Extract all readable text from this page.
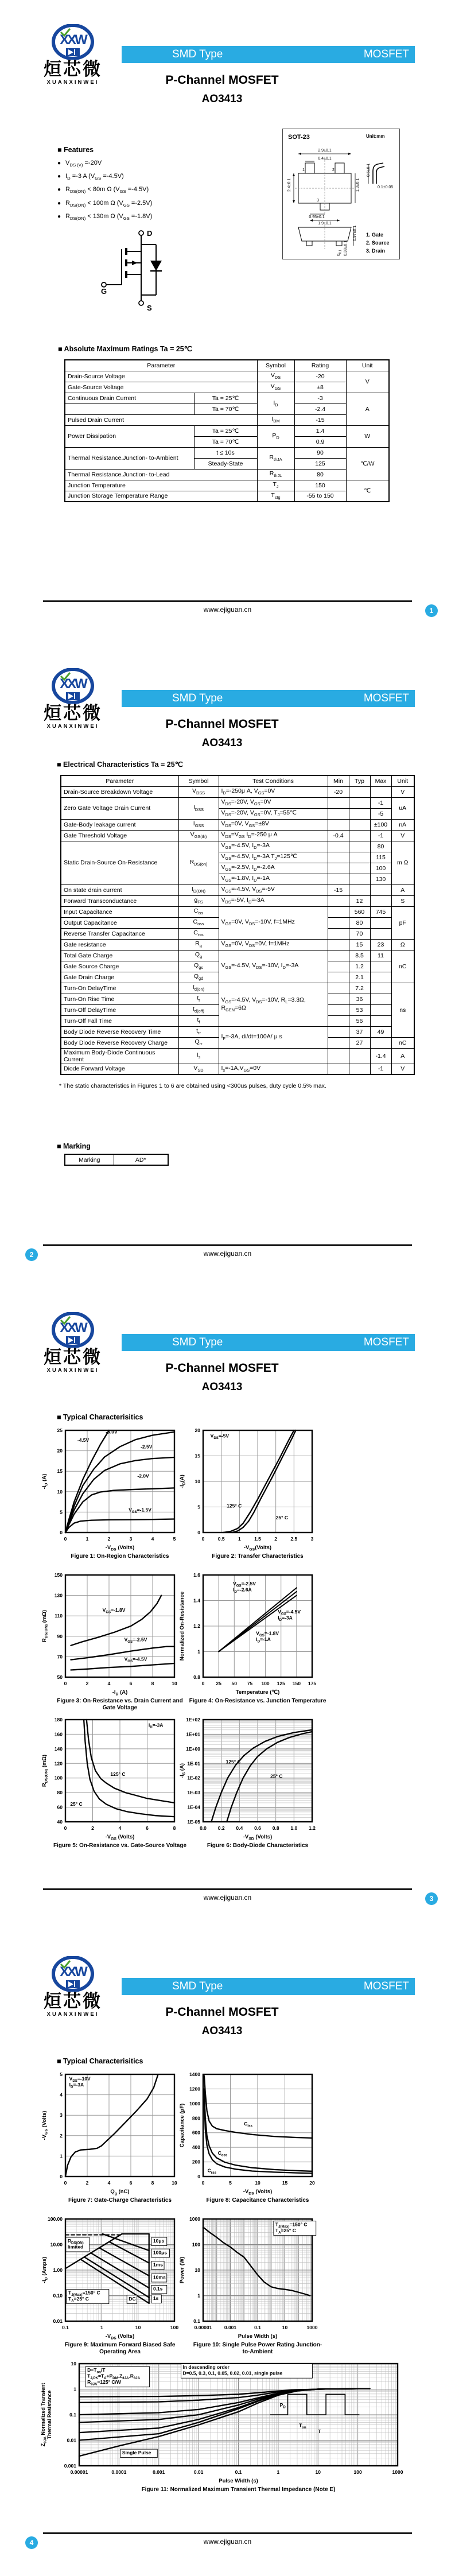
XXW
烜芯微
XUANXINWEI
SMD Type	MOSFET
P-Channel MOSFET
AO3413
■ Features
● $V_{DS (V)} =-20V$
● $I_D =-3$ A $(V_{GS} =-4.5V)$
● $R_{DS(ON)} < 80m$ Ω $(V_{GS} =-4.5V)$
● $R_{DS(ON)} < 100m$ Ω $(V_{GS} =-2.5V)$
● $R_{DS(ON)} < 130m$ Ω $(V_{GS} =-1.8V)$
D
G
S
SOT-23	Unit:mm
2.9±0.1
0.4±0.1
2.4±0.1	1.3±0.1
0.95±0.1
1.9±0.1
0.5±0.1
0.1±0.05
0.97±0.1
0.38±0.1
$0_{0.1}$
1. Gate
2. Source
3. Drain
1	2
3
■ Absolute Maximum Ratings Ta = 25℃
Parameter		Symbol	Rating	Unit
Drain-Source Voltage		$V_{DS}$	-20	V
Gate-Source Voltage		$V_{GS}$	±8	
Continuous Drain Current	Ta = 25℃	$I_D$	-3	A
	Ta = 70℃		-2.4	
Pulsed Drain Current		$I_{DM}$	-15	
Power Dissipation	Ta = 25℃	$P_D$	1.4	W
	Ta = 70℃		0.9	
Thermal Resistance.Junction- to-Ambient	t ≤ 10s	$R_{thJA}$	90	℃/W
	Steady-State		125	
Thermal Resistance.Junction- to-Lead		$R_{thJL}$	80	
Junction Temperature		$T_J$	150	℃
Junction Storage Temperature Range		$T_{stg}$	-55 to 150	
www.ejiguan.cn	1
XXW
烜芯微
XUANXINWEI
SMD Type	MOSFET
P-Channel MOSFET
AO3413
■ Electrical Characteristics Ta = 25℃
Parameter	Symbol	Test Conditions	Min	Typ	Max	Unit
Drain-Source Breakdown Voltage	$V_{DSS}$	$I_D=-250\mu$ A, $V_{GS}=0V$	-20			V
Zero Gate Voltage Drain Current	$I_{DSS}$	$V_{DS}=-20V$, $V_{GS}=0V$			-1	uA
		$V_{DS}=-20V$, $V_{GS}=0V$, $T_J=55℃$			-5	
Gate-Body leakage current	$I_{GSS}$	$V_{DS}=0V$, $V_{GS}=\pm 8V$			±100	nA
Gate Threshold Voltage	$V_{GS(th)}$	$V_{DS}=V_{GS}$ $I_D=-250$ μ A	-0.4		-1	V
Static Drain-Source On-Resistance	$R_{DS(on)}$	$V_{GS}=-4.5V$, $I_D=-3A$			80	m Ω
		$V_{GS}=-4.5V$, $I_D=-3A$ $T_J=125℃$			115	
		$V_{GS}=-2.5V$, $I_D=-2.6A$			100	
		$V_{GS}=-1.8V$, $I_D=-1A$			130	
On state drain current	$I_{D(ON)}$	$V_{GS}=-4.5V$, $V_{DS}=-5V$	-15			A
Forward Transconductance	$g_{FS}$	$V_{DS}=-5V$, $I_D=-3A$		12		S
Input Capacitance	$C_{iss}$	$V_{GS}=0V$, $V_{DS}=-10V$, f=1MHz		560	745	pF
Output Capacitance	$C_{oss}$			80		
Reverse Transfer Capacitance	$C_{rss}$			70		
Gate resistance	$R_g$	$V_{GS}=0V$, $V_{DS}=0V$, f=1MHz		15	23	Ω
Total Gate Charge	$Q_g$	$V_{GS}=-4.5V$, $V_{DS}=-10V$, $I_D=-3A$		8.5	11	nC
Gate Source Charge	$Q_{gs}$			1.2		
Gate Drain Charge	$Q_{gd}$			2.1		
Turn-On DelayTime	$t_{d(on)}$	$V_{GS}=-4.5V$, $V_{DS}=-10V$, $R_L=3.3\Omega$, $R_{GEN}=6\Omega$		7.2		ns
Turn-On Rise Time	$t_r$			36		
Turn-Off DelayTime	$t_{d(off)}$			53		
Turn-Off Fall Time	$t_f$			56		
Body Diode Reverse Recovery Time	$t_{rr}$	$I_F=-3A$, di/dt=100A/ μ s		37	49	
Body Diode Reverse Recovery Charge	$Q_{rr}$			27		nC
Maximum Body-Diode Continuous Current	$I_s$				-1.4	A
Diode Forward Voltage	$V_{SD}$	$I_s=-1A,V_{GS}=0V$			-1	V
* The static characteristics in Figures 1 to 6 are obtained using <300us pulses, duty cycle 0.5% max.
■ Marking
Marking	AD*
www.ejiguan.cn
2
XXW
烜芯微
XUANXINWEI
SMD Type	MOSFET
P-Channel MOSFET
AO3413
■ Typical Characterisitics
www.ejiguan.cn	3
0	1	2	3	4	5
0
5
10
15
20
25
$-V_{DS}$ (Volts)
$-I_D$ (A)
Figure 1: On-Region Characteristics
-4.5V
-3.0V
-2.5V
-2.0V
$V_{GS}=-1.5V$
0	0.5	1	1.5	2	2.5	3
0
5
10
15
20
$-V_{GS}(Volts)$
$-I_D(A)$
Figure 2: Transfer Characteristics
$V_{DS}=-5V$
125° C
25° C
0	2	4	6	8	10
50
70
90
110
130
150
$-I_D$ (A)
$R_{DS(ON)}$ (mΩ)
Figure 3: On-Resistance vs. Drain Current and
Gate Voltage
$V_{GS}=-1.8V$
$V_{GS}=-2.5V$
$V_{GS}=-4.5V$
0 25 50 75 100 125 150 175
0.8
1
1.2
1.4
1.6
Temperature (℃)
Normalized On-Resistance
Figure 4: On-Resistance vs. Junction Temperature
$V_{GS}=-2.5V$
$I_D=-2.6A$
$V_{GS}=-4.5V$
$I_D=-3A$
$V_{GS}=-1.8V$
$I_D=-1A$
0	2	4	6	8
40
60
80
100
120
140
160
180
$-V_{GS}$ (Volts)
$R_{DS(ON)}$ (mΩ)
Figure 5: On-Resistance vs. Gate-Source Voltage
125° C
25° C
$I_D=-3A$
0.0 0.2 0.4 0.6 0.8 1.0 1.2
1E+02
1E+01
1E+00
1E-01
1E-02
1E-03
1E-04
1E-05
$-V_{SD}$ (Volts)
$-I_S$ (A)
Figure 6: Body-Diode Characteristics
125° C
25° C
XXW
烜芯微
XUANXINWEI
SMD Type	MOSFET
P-Channel MOSFET
AO3413
■ Typical Characterisitics
www.ejiguan.cn
4
0	2	4	6	8	10
0
1
2
3
4
5
$Q_g$ (nC)
$-V_{GS}$ (Volts)
Figure 7: Gate-Charge Characteristics
$V_{DS}=-10V$
$I_D=-3A$
0	5	10	15	20
0
200
400
600
800
1000
1200
1400
$-V_{DS}$ (Volts)
Capacitance (pF)
Figure 8: Capacitance Characteristics
$C_{iss}$
$C_{oss}$
$C_{rss}$
0.1	1	10	100
0.01
0.10
1.00
10.00
100.00
$-V_{DS}$ (Volts)
$-I_D$ (Amps)
Figure 9: Maximum Forward Biased Safe
Operating Area
$R_{DS(ON)}$
limited
10μs
100μs
1ms
10ms
0.1s
1s
DC
$T_{J(Max)}=150^\circ$ C
$T_A=25^\circ$ C
0.00001	0.001	0.1	10	1000
0.1
1
10
100
1000
Pulse Width (s)
Power (W)
Figure 10: Single Pulse Power Rating Junction-
to-Ambient
$T_{J(Max)}=150^\circ$ C
$T_A=25^\circ$ C
0.00001	0.0001	0.001	0.01	0.1	1	10	100	1000
0.001
0.01
0.1
1
10
Pulse Width (s)
$Z_{\theta JA}$ Normalized Transient Thermal Resistance
Figure 11: Normalized Maximum Transient Thermal Impedance (Note E)
$D=T_{on}/T$
$T_{J,PK}=T_A+P_{DM}.Z_{\theta JA}.R_{\theta JA}$
$R_{\theta JA}=125^\circ$ C/W
In descending order
D=0.5, 0.3, 0.1, 0.05, 0.02, 0.01, single pulse
Single Pulse
$P_D$
$T_{on}$
T
